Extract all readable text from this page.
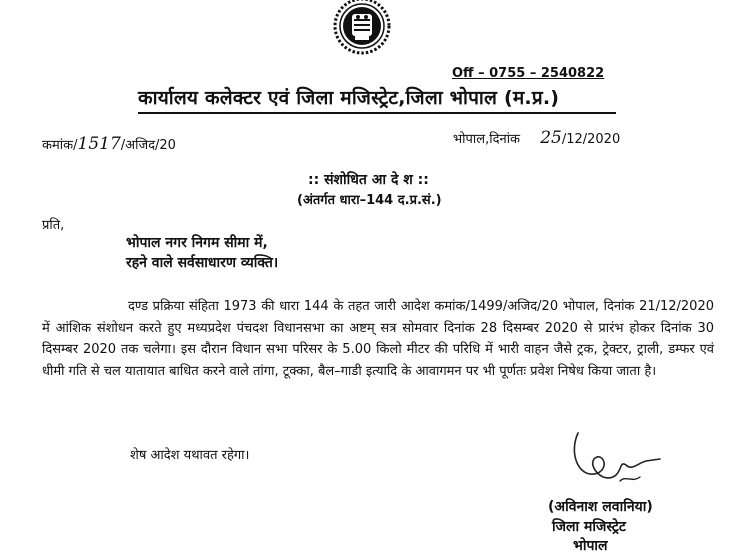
Off – 0755 – 2540822
कार्यालय कलेक्टर एवं जिला मजिस्ट्रेट,जिला भोपाल (म.प्र.)
कमांक/1517/अजिद/20	भोपाल,दिनांक 25/12/2020
:: संशोधित आ दे श ::
(अंतर्गत धारा–144 द.प्र.सं.)
प्रति,
भोपाल नगर निगम सीमा में,
रहने वाले सर्वसाधारण व्यक्ति।

दण्ड प्रक्रिया संहिता 1973 की धारा 144 के तहत जारी आदेश कमांक/1499/अजिद/20 भोपाल, दिनांक 21/12/2020 में आंशिक संशोधन करते हुए मध्यप्रदेश पंचदश विधानसभा का अष्टम् सत्र सोमवार दिनांक 28 दिसम्बर 2020 से प्रारंभ होकर दिनांक 30 दिसम्बर 2020 तक चलेगा। इस दौरान विधान सभा परिसर के 5.00 किलो मीटर की परिधि में भारी वाहन जैसे ट्रक, ट्रेक्टर, ट्राली, डम्फर एवं धीमी गति से चल यातायात बाधित करने वाले तांगा, टूक्का, बैल–गाडी इत्यादि के आवागमन पर भी पूर्णतः प्रवेश निषेध किया जाता है।

शेष आदेश यथावत रहेगा।
(अविनाश लवानिया)
जिला मजिस्ट्रेट
भोपाल
